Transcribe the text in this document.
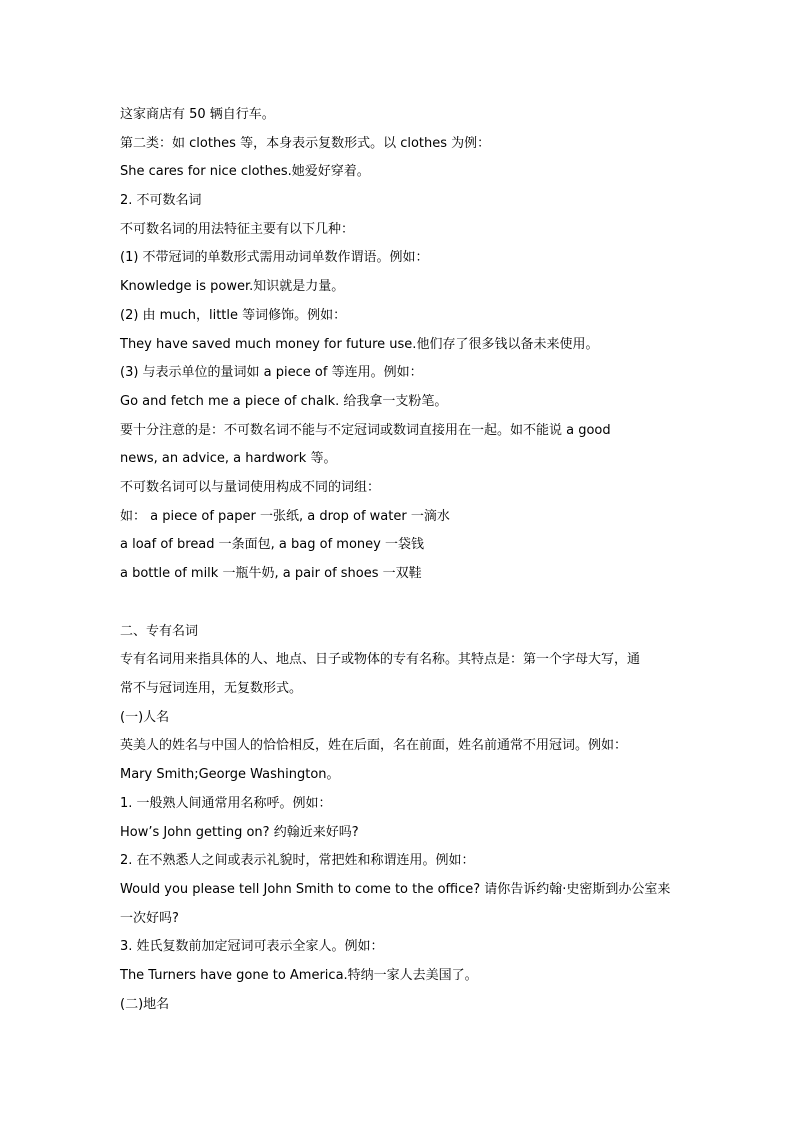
这家商店有 50 辆自行车。
第二类：如 clothes 等，本身表示复数形式。以 clothes 为例：
She cares for nice clothes.她爱好穿着。
2. 不可数名词
不可数名词的用法特征主要有以下几种：
(1) 不带冠词的单数形式需用动词单数作谓语。例如：
Knowledge is power.知识就是力量。
(2) 由 much，little 等词修饰。例如：
They have saved much money for future use.他们存了很多钱以备未来使用。
(3) 与表示单位的量词如 a piece of 等连用。例如：
Go and fetch me a piece of chalk. 给我拿一支粉笔。
要十分注意的是：不可数名词不能与不定冠词或数词直接用在一起。如不能说 a good
news, an advice, a hardwork 等。
不可数名词可以与量词使用构成不同的词组：
如： a piece of paper 一张纸, a drop of water 一滴水
a loaf of bread 一条面包, a bag of money 一袋钱
a bottle of milk 一瓶牛奶, a pair of shoes 一双鞋
二、专有名词
专有名词用来指具体的人、地点、日子或物体的专有名称。其特点是：第一个字母大写，通
常不与冠词连用，无复数形式。
(一)人名
英美人的姓名与中国人的恰恰相反，姓在后面，名在前面，姓名前通常不用冠词。例如：
Mary Smith;George Washington。
1. 一般熟人间通常用名称呼。例如：
How’s John getting on? 约翰近来好吗?
2. 在不熟悉人之间或表示礼貌时，常把姓和称谓连用。例如：
Would you please tell John Smith to come to the office? 请你告诉约翰·史密斯到办公室来
一次好吗?
3. 姓氏复数前加定冠词可表示全家人。例如：
The Turners have gone to America.特纳一家人去美国了。
(二)地名
